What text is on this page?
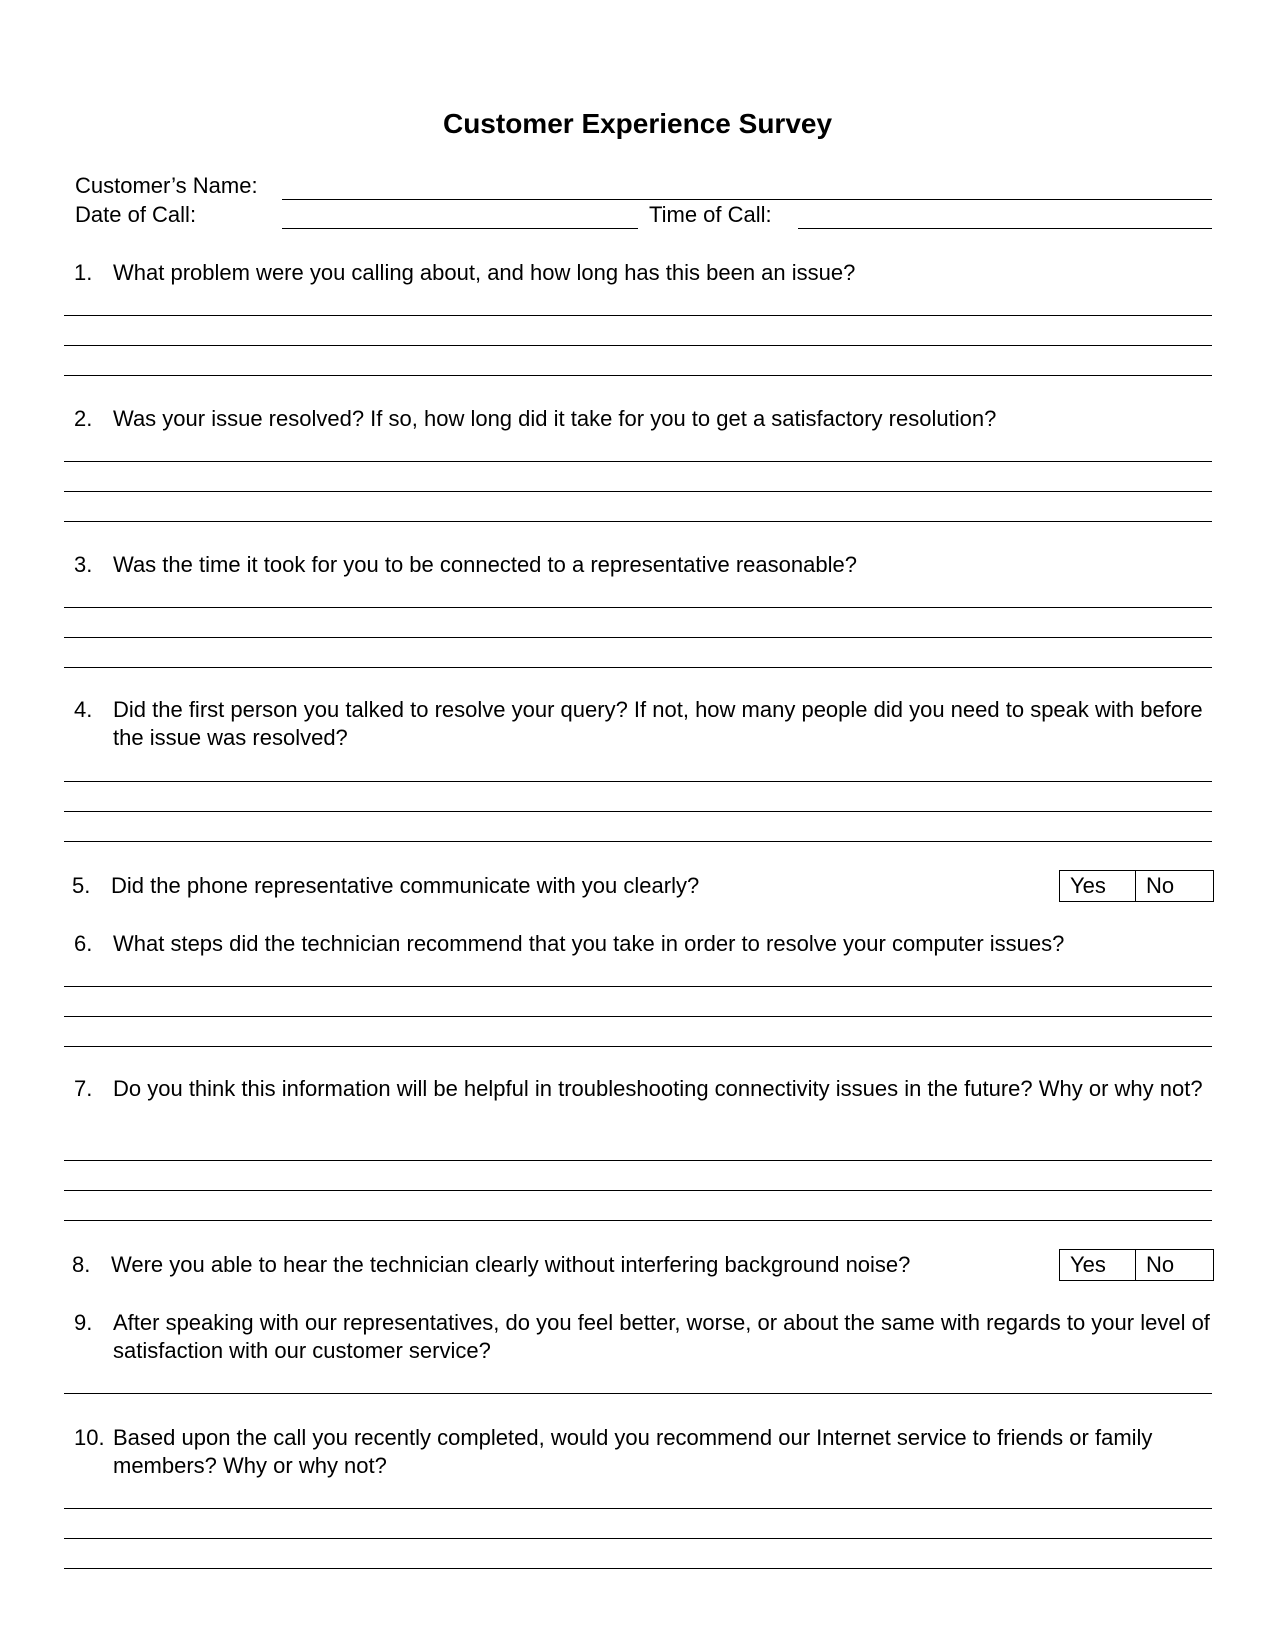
Customer Experience Survey
Customer’s Name:
Date of Call:	Time of Call:
1. What problem were you calling about, and how long has this been an issue?
2. Was your issue resolved? If so, how long did it take for you to get a satisfactory resolution?
3. Was the time it took for you to be connected to a representative reasonable?
4. Did the first person you talked to resolve your query? If not, how many people did you need to speak with before the issue was resolved?
5. Did the phone representative communicate with you clearly?	Yes	No
6. What steps did the technician recommend that you take in order to resolve your computer issues?
7. Do you think this information will be helpful in troubleshooting connectivity issues in the future? Why or why not?
8. Were you able to hear the technician clearly without interfering background noise?	Yes	No
9. After speaking with our representatives, do you feel better, worse, or about the same with regards to your level of satisfaction with our customer service?
10. Based upon the call you recently completed, would you recommend our Internet service to friends or family members? Why or why not?
